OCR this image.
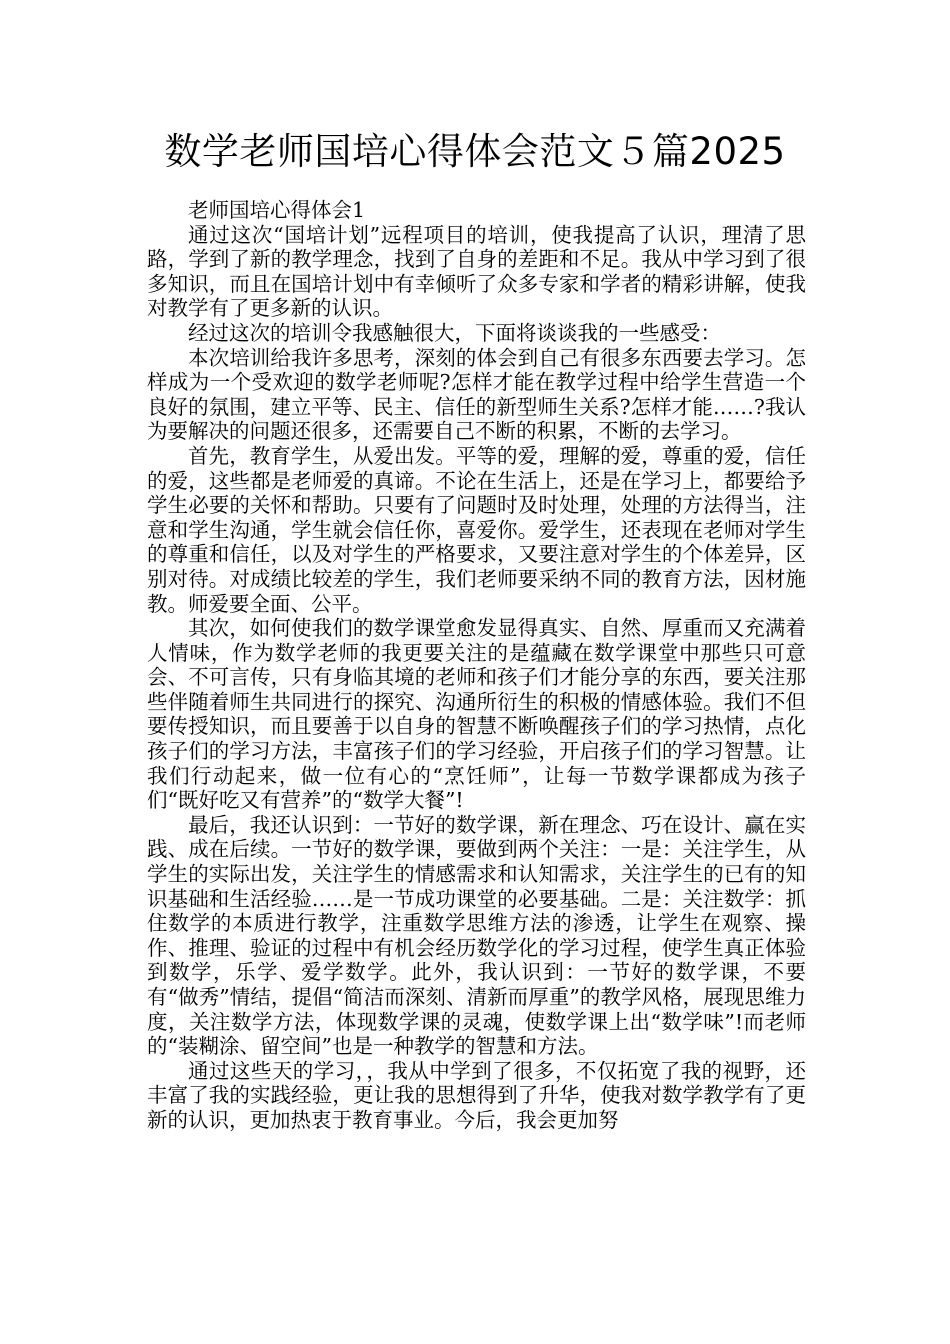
数学老师国培心得体会范文５篇2025

老师国培心得体会1

通过这次“国培计划”远程项目的培训，使我提高了认识，理清了思路，学到了新的教学理念，找到了自身的差距和不足。我从中学习到了很多知识，而且在国培计划中有幸倾听了众多专家和学者的精彩讲解，使我对教学有了更多新的认识。

经过这次的培训令我感触很大，下面将谈谈我的一些感受：

本次培训给我许多思考，深刻的体会到自己有很多东西要去学习。怎样成为一个受欢迎的数学老师呢?怎样才能在教学过程中给学生营造一个良好的氛围，建立平等、民主、信任的新型师生关系?怎样才能……?我认为要解决的问题还很多，还需要自己不断的积累，不断的去学习。

首先，教育学生，从爱出发。平等的爱，理解的爱，尊重的爱，信任的爱，这些都是老师爱的真谛。不论在生活上，还是在学习上，都要给予学生必要的关怀和帮助。只要有了问题时及时处理，处理的方法得当，注意和学生沟通，学生就会信任你，喜爱你。爱学生，还表现在老师对学生的尊重和信任，以及对学生的严格要求，又要注意对学生的个体差异，区别对待。对成绩比较差的学生，我们老师要采纳不同的教育方法，因材施教。师爱要全面、公平。

其次，如何使我们的数学课堂愈发显得真实、自然、厚重而又充满着人情味，作为数学老师的我更要关注的是蕴藏在数学课堂中那些只可意会、不可言传，只有身临其境的老师和孩子们才能分享的东西，要关注那些伴随着师生共同进行的探究、沟通所衍生的积极的情感体验。我们不但要传授知识，而且要善于以自身的智慧不断唤醒孩子们的学习热情，点化孩子们的学习方法，丰富孩子们的学习经验，开启孩子们的学习智慧。让我们行动起来，做一位有心的“烹饪师”，让每一节数学课都成为孩子们“既好吃又有营养”的“数学大餐”!

最后，我还认识到：一节好的数学课，新在理念、巧在设计、赢在实践、成在后续。一节好的数学课，要做到两个关注：一是：关注学生，从学生的实际出发，关注学生的情感需求和认知需求，关注学生的已有的知识基础和生活经验……是一节成功课堂的必要基础。二是：关注数学：抓住数学的本质进行教学，注重数学思维方法的渗透，让学生在观察、操作、推理、验证的过程中有机会经历数学化的学习过程，使学生真正体验到数学，乐学、爱学数学。此外，我认识到：一节好的数学课，不要有“做秀”情结，提倡“简洁而深刻、清新而厚重”的教学风格，展现思维力度，关注数学方法，体现数学课的灵魂，使数学课上出“数学味”!而老师的“装糊涂、留空间”也是一种教学的智慧和方法。

通过这些天的学习，，我从中学到了很多，不仅拓宽了我的视野，还丰富了我的实践经验，更让我的思想得到了升华，使我对数学教学有了更新的认识，更加热衷于教育事业。今后，我会更加努
